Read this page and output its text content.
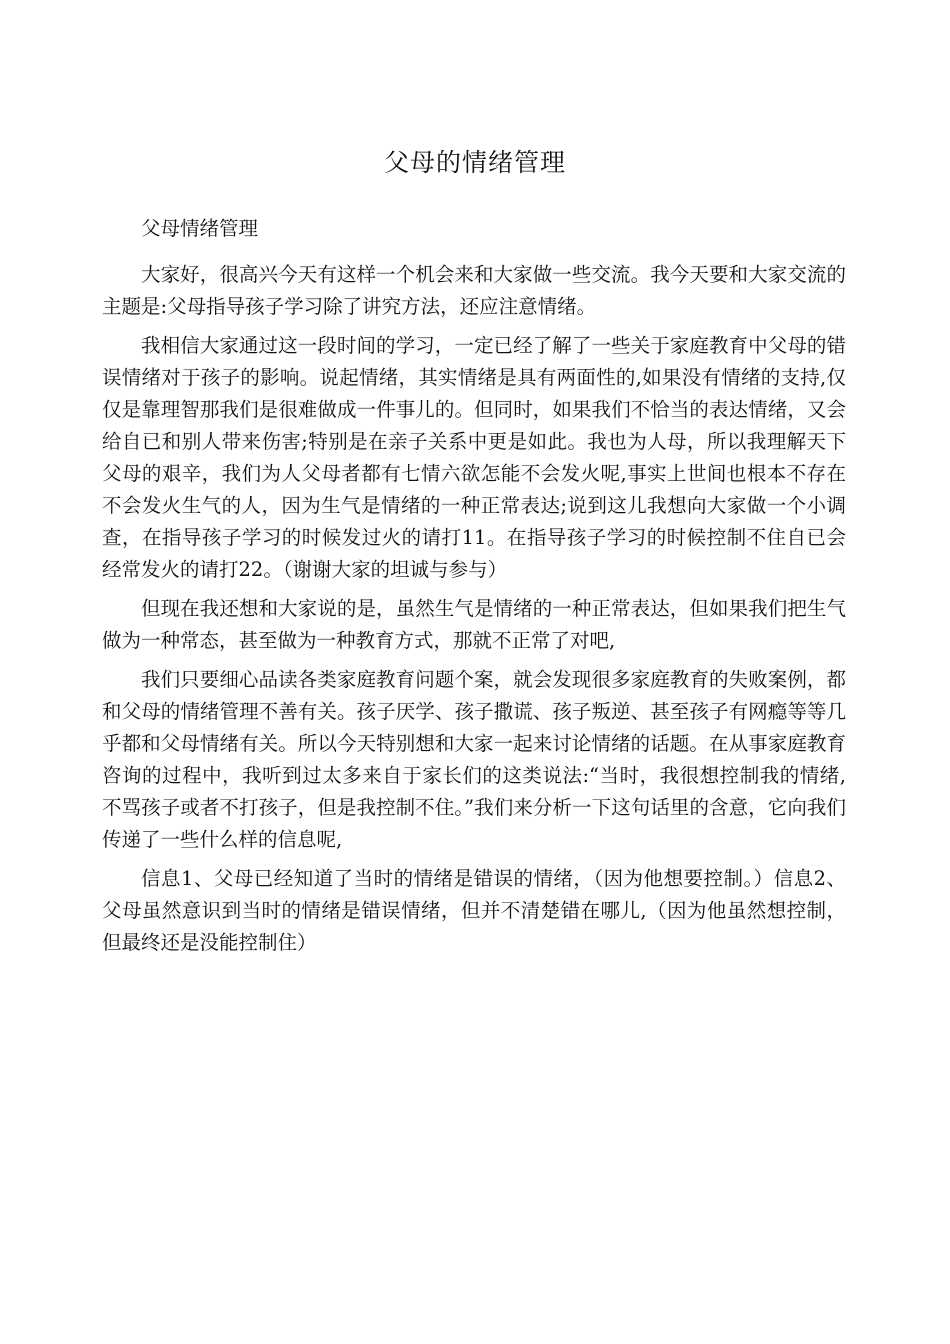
父母的情绪管理

父母情绪管理

大家好，很高兴今天有这样一个机会来和大家做一些交流。我今天要和大家交流的主题是:父母指导孩子学习除了讲究方法，还应注意情绪。

我相信大家通过这一段时间的学习，一定已经了解了一些关于家庭教育中父母的错误情绪对于孩子的影响。说起情绪，其实情绪是具有两面性的,如果没有情绪的支持,仅仅是靠理智那我们是很难做成一件事儿的。但同时，如果我们不恰当的表达情绪，又会给自已和别人带来伤害;特别是在亲子关系中更是如此。我也为人母，所以我理解天下父母的艰辛，我们为人父母者都有七情六欲怎能不会发火呢,事实上世间也根本不存在不会发火生气的人，因为生气是情绪的一种正常表达;说到这儿我想向大家做一个小调查，在指导孩子学习的时候发过火的请打11。在指导孩子学习的时候控制不住自已会经常发火的请打22。（谢谢大家的坦诚与参与）

但现在我还想和大家说的是，虽然生气是情绪的一种正常表达，但如果我们把生气做为一种常态，甚至做为一种教育方式，那就不正常了对吧,

我们只要细心品读各类家庭教育问题个案，就会发现很多家庭教育的失败案例，都和父母的情绪管理不善有关。孩子厌学、孩子撒谎、孩子叛逆、甚至孩子有网瘾等等几乎都和父母情绪有关。所以今天特别想和大家一起来讨论情绪的话题。在从事家庭教育咨询的过程中，我听到过太多来自于家长们的这类说法:“当时，我很想控制我的情绪,不骂孩子或者不打孩子，但是我控制不住。”我们来分析一下这句话里的含意，它向我们传递了一些什么样的信息呢,

信息1、父母已经知道了当时的情绪是错误的情绪，（因为他想要控制。）信息2、父母虽然意识到当时的情绪是错误情绪，但并不清楚错在哪儿,（因为他虽然想控制，但最终还是没能控制住）
